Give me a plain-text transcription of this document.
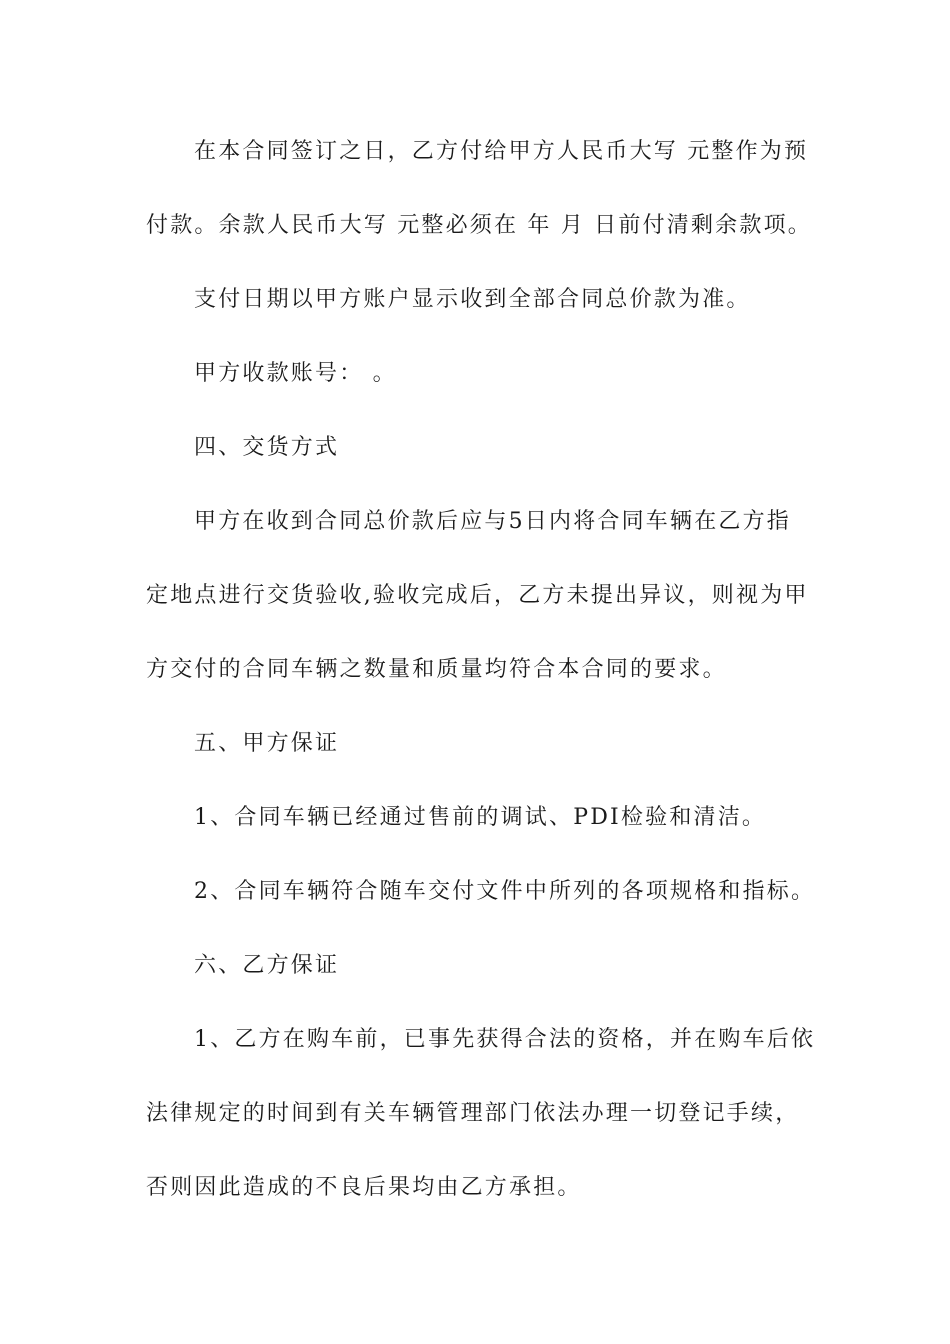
在本合同签订之日，乙方付给甲方人民币大写 元整作为预
付款。余款人民币大写 元整必须在 年 月 日前付清剩余款项。
支付日期以甲方账户显示收到全部合同总价款为准。
甲方收款账号： 。
四、交货方式
甲方在收到合同总价款后应与5日内将合同车辆在乙方指
定地点进行交货验收,验收完成后，乙方未提出异议，则视为甲
方交付的合同车辆之数量和质量均符合本合同的要求。
五、甲方保证
1、合同车辆已经通过售前的调试、PDI检验和清洁。
2、合同车辆符合随车交付文件中所列的各项规格和指标。
六、乙方保证
1、乙方在购车前，已事先获得合法的资格，并在购车后依
法律规定的时间到有关车辆管理部门依法办理一切登记手续，
否则因此造成的不良后果均由乙方承担。
